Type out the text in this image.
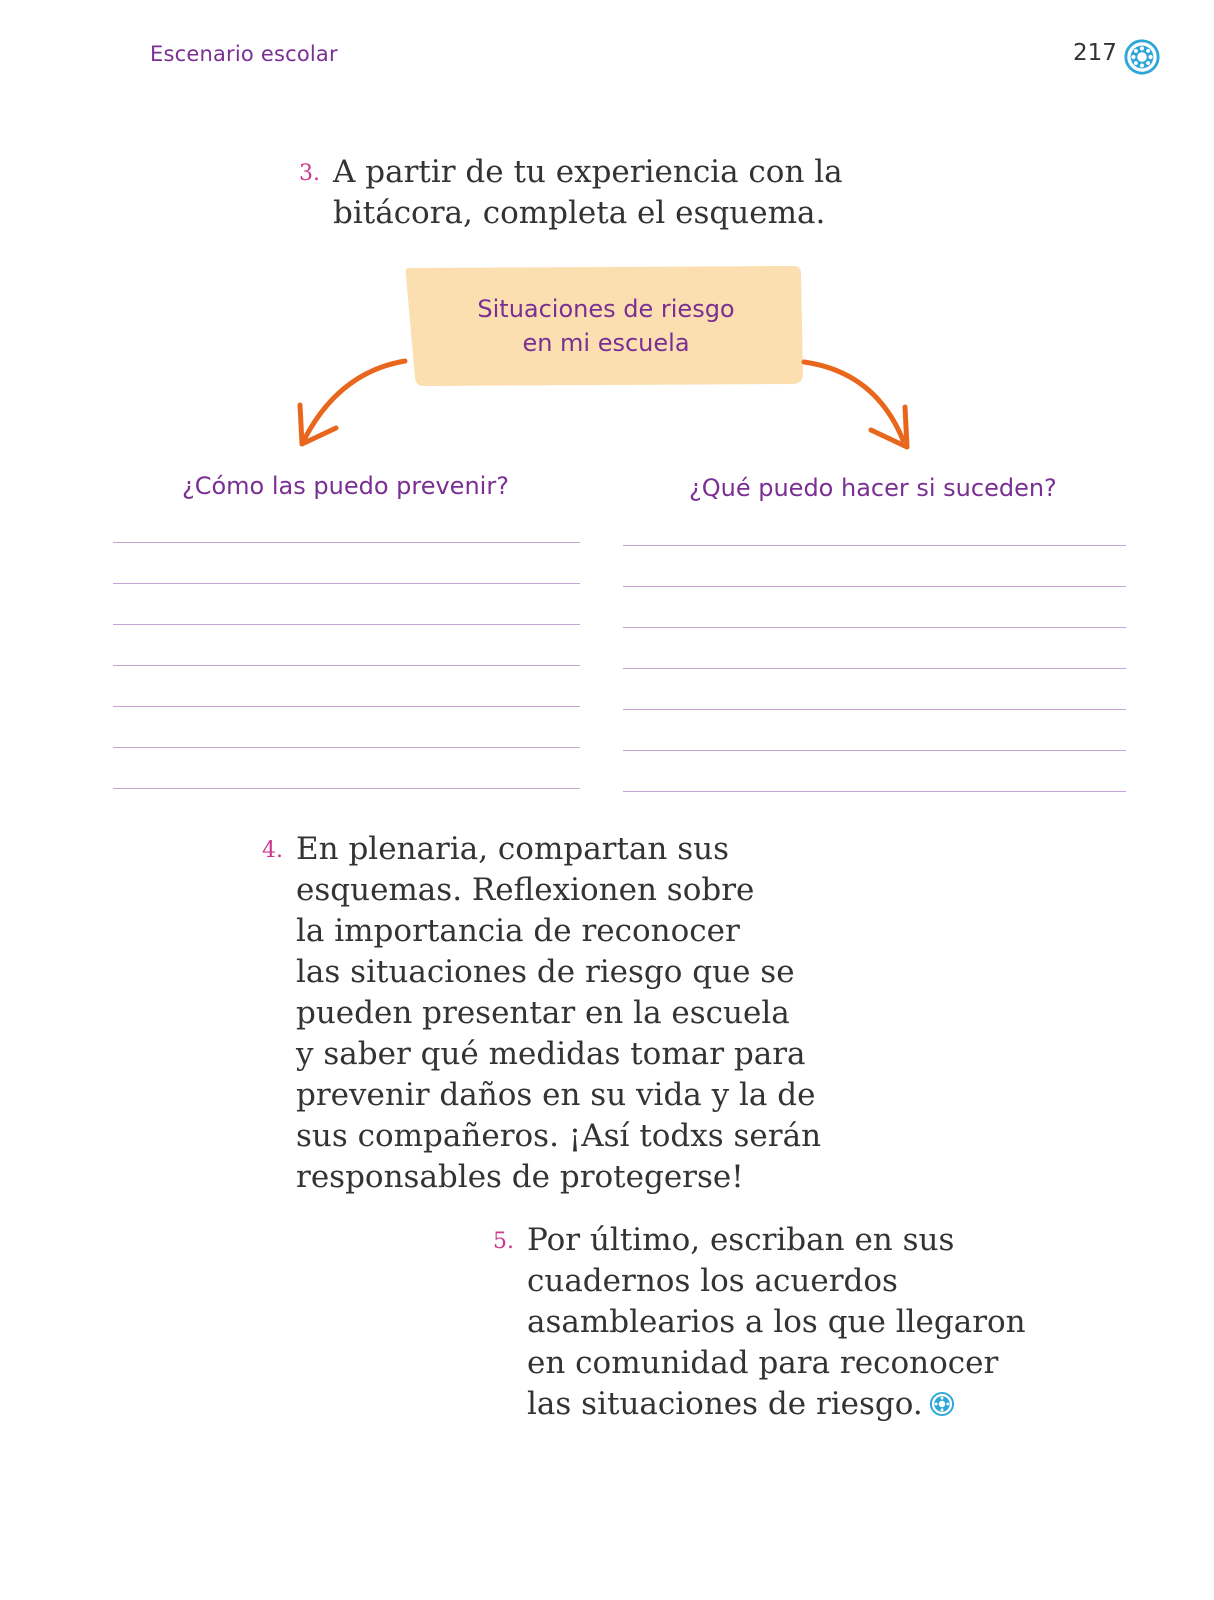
Escenario escolar	217
3. A partir de tu experiencia con la
bitácora, completa el esquema.
Situaciones de riesgo
en mi escuela
¿Cómo las puedo prevenir?	¿Qué puedo hacer si suceden?
4. En plenaria, compartan sus
esquemas. Reflexionen sobre
la importancia de reconocer
las situaciones de riesgo que se
pueden presentar en la escuela
y saber qué medidas tomar para
prevenir daños en su vida y la de
sus compañeros. ¡Así todxs serán
responsables de protegerse!
5. Por último, escriban en sus
cuadernos los acuerdos
asamblearios a los que llegaron
en comunidad para reconocer
las situaciones de riesgo.
